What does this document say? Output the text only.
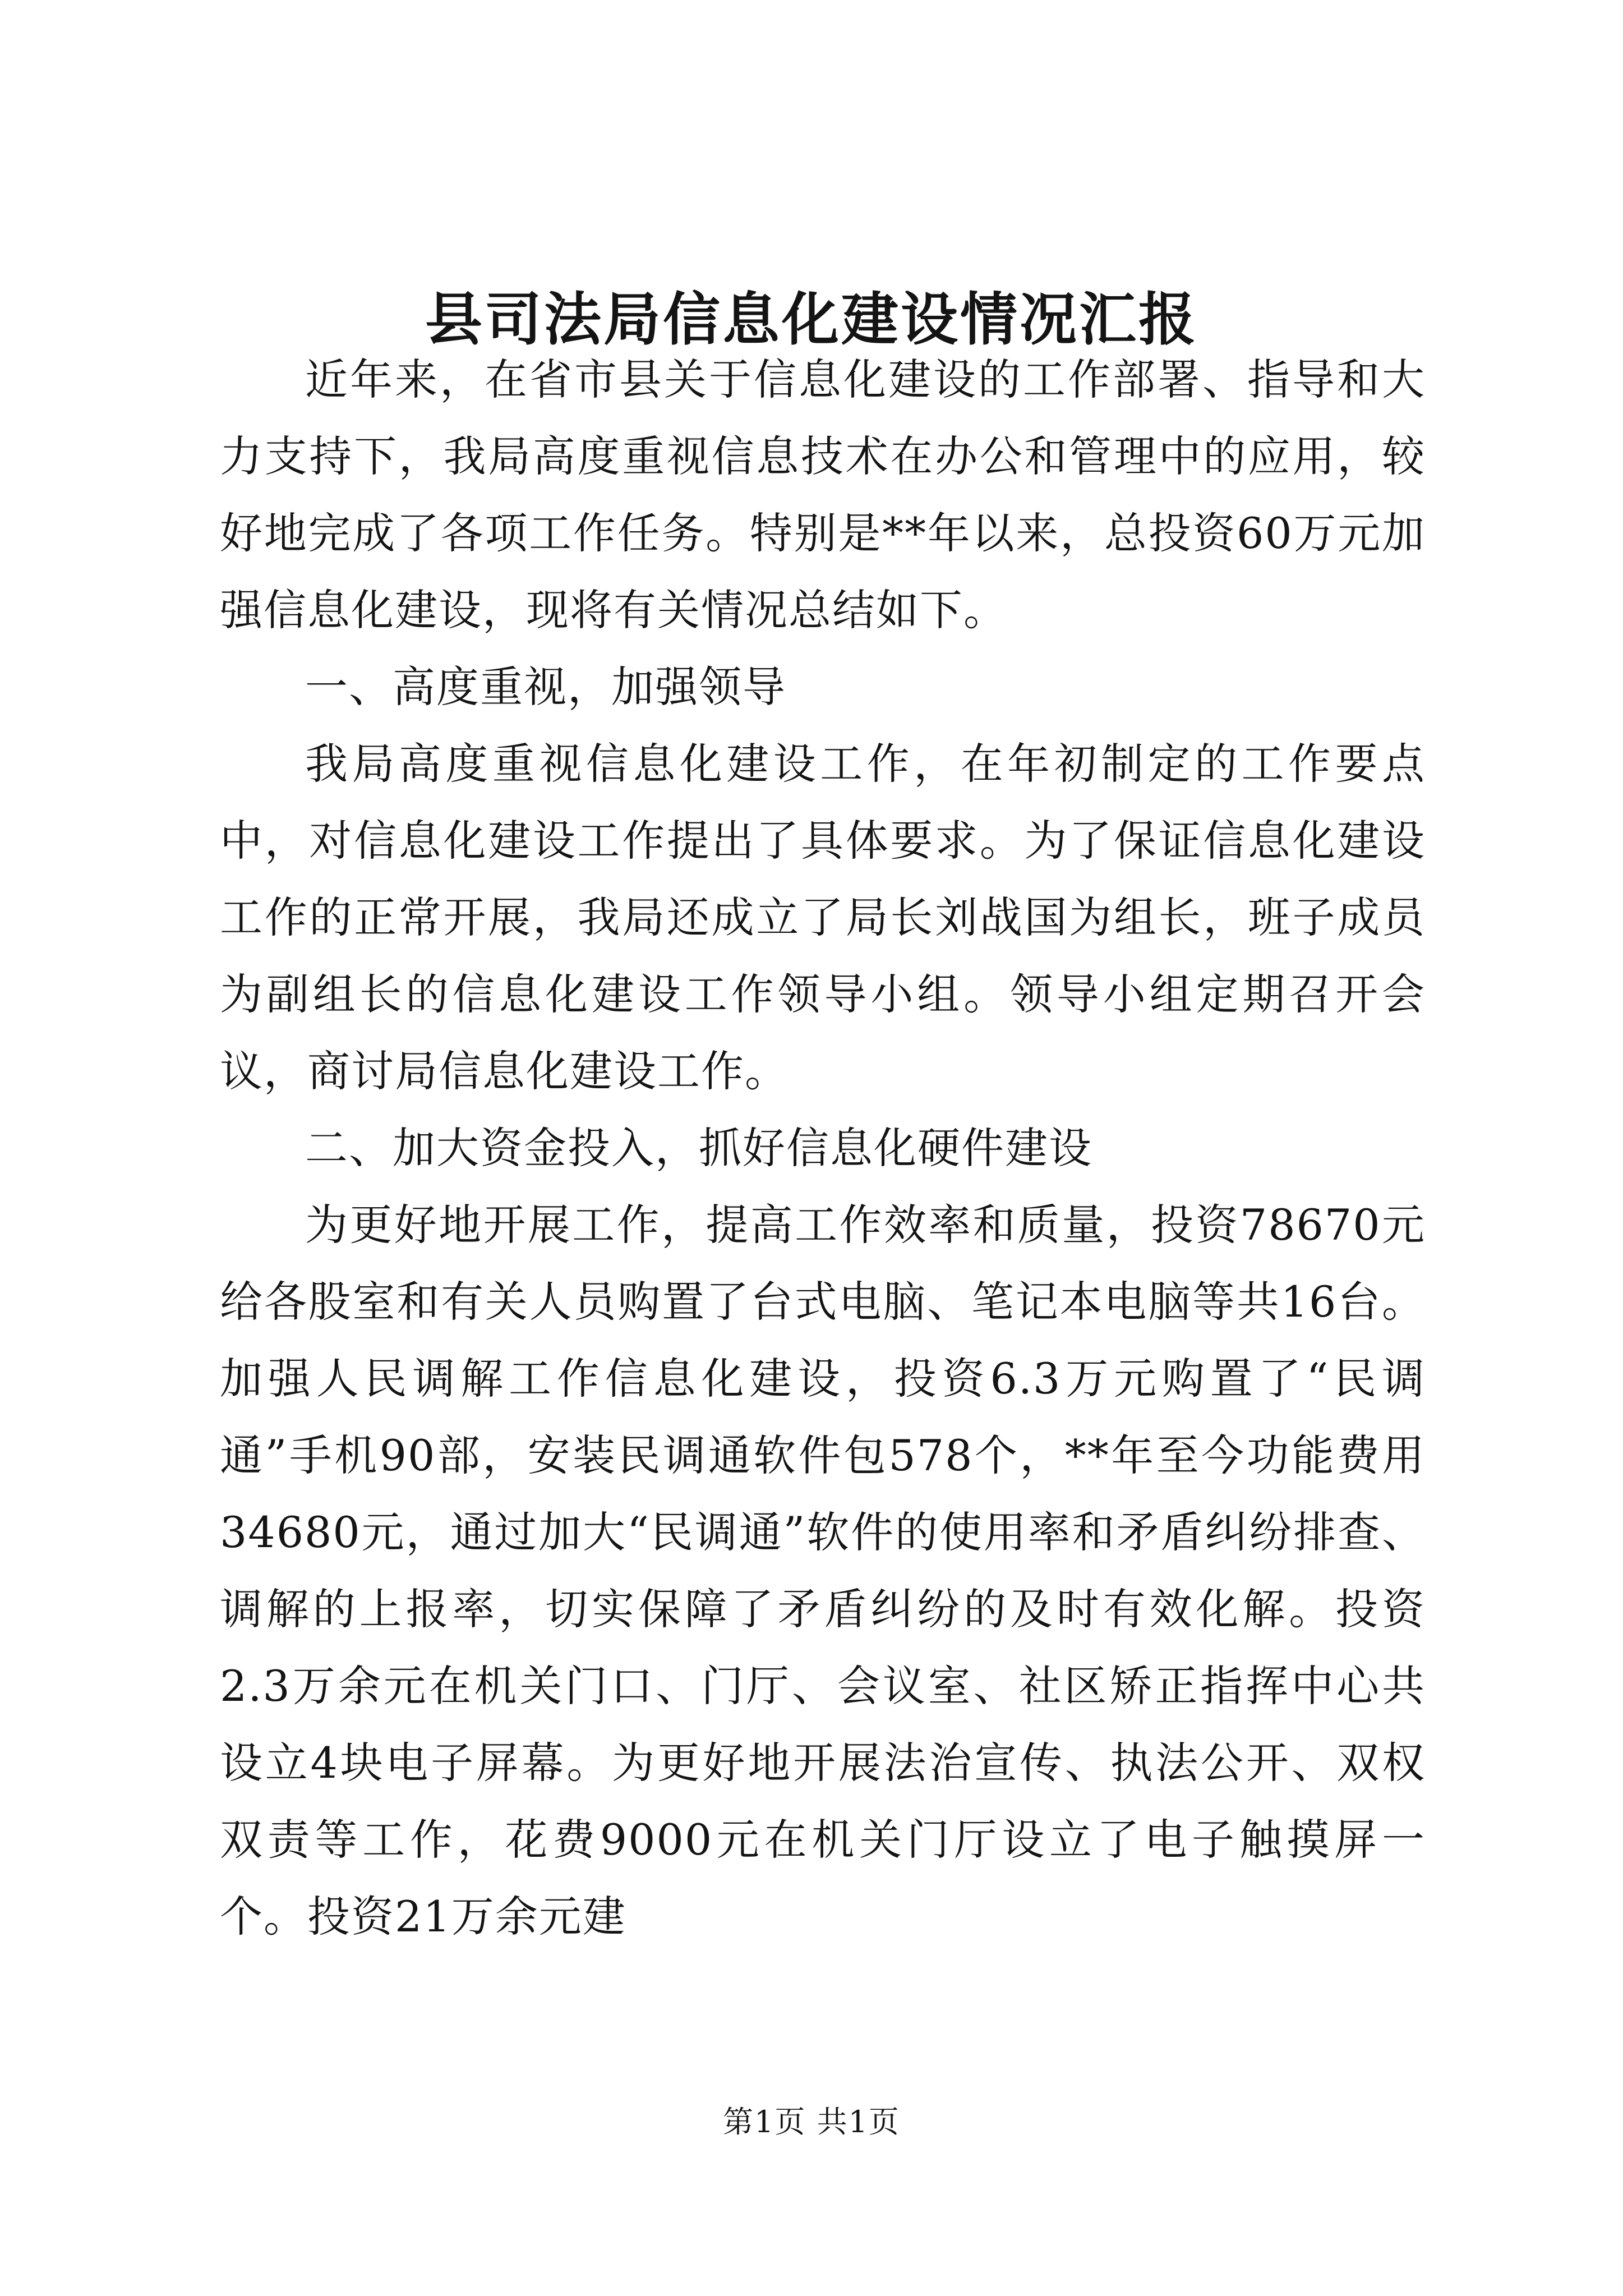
县司法局信息化建设情况汇报

近年来，在省市县关于信息化建设的工作部署、指导和大力支持下，我局高度重视信息技术在办公和管理中的应用，较好地完成了各项工作任务。特别是**年以来，总投资60万元加强信息化建设，现将有关情况总结如下。

一、高度重视，加强领导

我局高度重视信息化建设工作，在年初制定的工作要点中，对信息化建设工作提出了具体要求。为了保证信息化建设工作的正常开展，我局还成立了局长刘战国为组长，班子成员为副组长的信息化建设工作领导小组。领导小组定期召开会议，商讨局信息化建设工作。

二、加大资金投入，抓好信息化硬件建设

为更好地开展工作，提高工作效率和质量，投资78670元给各股室和有关人员购置了台式电脑、笔记本电脑等共16台。加强人民调解工作信息化建设，投资6.3万元购置了“民调通”手机90部，安装民调通软件包578个，**年至今功能费用34680元，通过加大“民调通”软件的使用率和矛盾纠纷排查、调解的上报率，切实保障了矛盾纠纷的及时有效化解。投资2.3万余元在机关门口、门厅、会议室、社区矫正指挥中心共设立4块电子屏幕。为更好地开展法治宣传、执法公开、双权双责等工作，花费9000元在机关门厅设立了电子触摸屏一个。投资21万余元建

第1页 共1页
